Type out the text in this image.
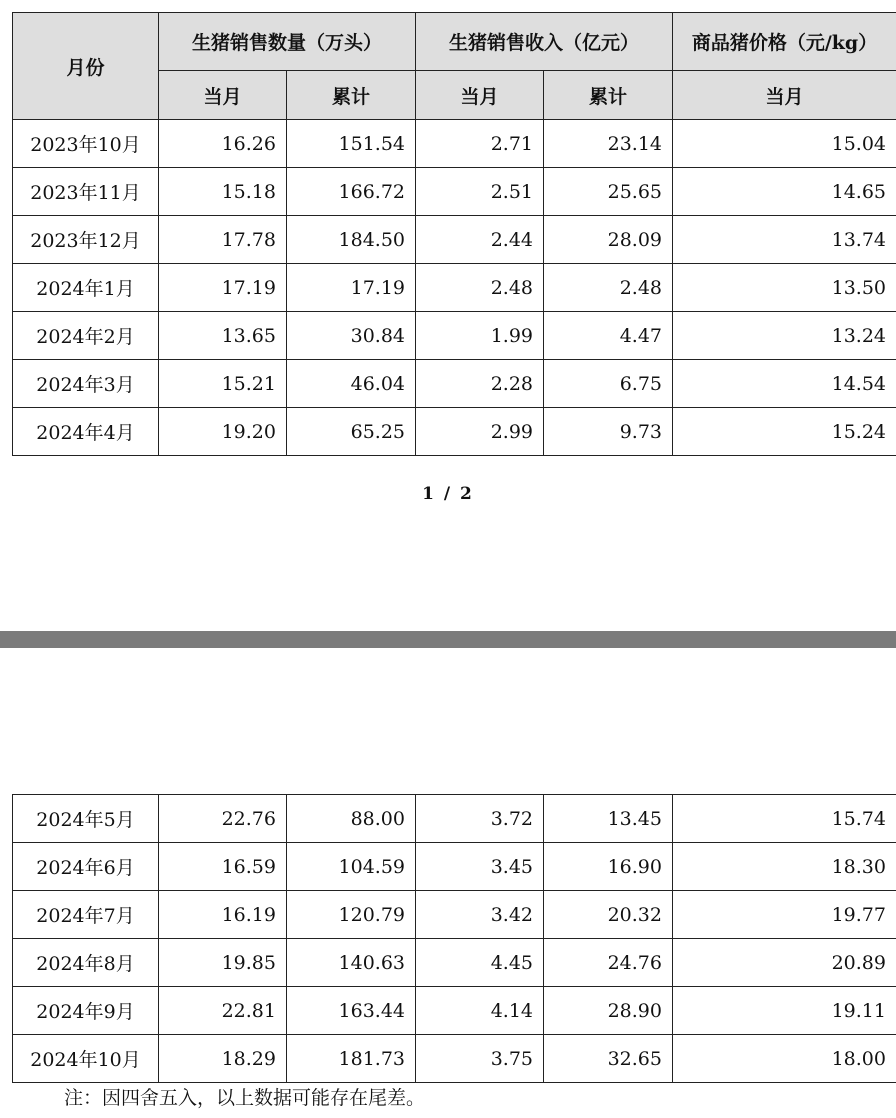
月份	生猪销售数量（万头）		生猪销售收入（亿元）		商品猪价格（元/kg）
	当月	累计	当月	累计	当月
2023年10月	16.26	151.54	2.71	23.14	15.04
2023年11月	15.18	166.72	2.51	25.65	14.65
2023年12月	17.78	184.50	2.44	28.09	13.74
2024年1月	17.19	17.19	2.48	2.48	13.50
2024年2月	13.65	30.84	1.99	4.47	13.24
2024年3月	15.21	46.04	2.28	6.75	14.54
2024年4月	19.20	65.25	2.99	9.73	15.24
1 / 2
2024年5月	22.76	88.00	3.72	13.45	15.74
2024年6月	16.59	104.59	3.45	16.90	18.30
2024年7月	16.19	120.79	3.42	20.32	19.77
2024年8月	19.85	140.63	4.45	24.76	20.89
2024年9月	22.81	163.44	4.14	28.90	19.11
2024年10月	18.29	181.73	3.75	32.65	18.00
注：因四舍五入，以上数据可能存在尾差。
